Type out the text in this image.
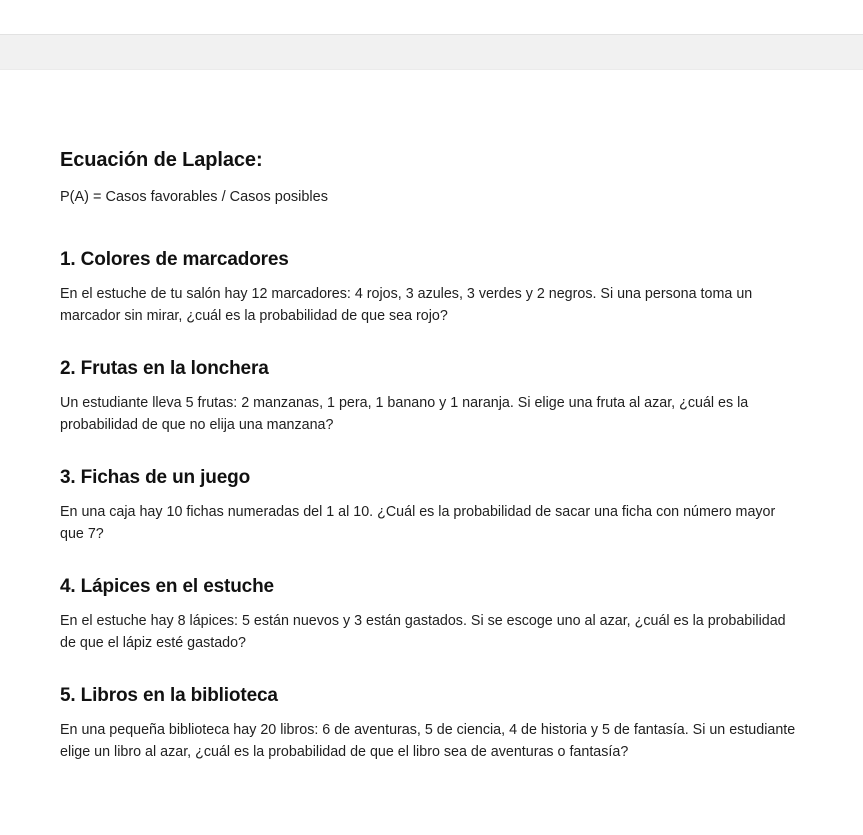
Ecuación de Laplace:

P(A) = Casos favorables / Casos posibles

1. Colores de marcadores

En el estuche de tu salón hay 12 marcadores: 4 rojos, 3 azules, 3 verdes y 2 negros. Si una persona toma un marcador sin mirar, ¿cuál es la probabilidad de que sea rojo?

2. Frutas en la lonchera

Un estudiante lleva 5 frutas: 2 manzanas, 1 pera, 1 banano y 1 naranja. Si elige una fruta al azar, ¿cuál es la probabilidad de que no elija una manzana?

3. Fichas de un juego

En una caja hay 10 fichas numeradas del 1 al 10. ¿Cuál es la probabilidad de sacar una ficha con número mayor que 7?

4. Lápices en el estuche

En el estuche hay 8 lápices: 5 están nuevos y 3 están gastados. Si se escoge uno al azar, ¿cuál es la probabilidad de que el lápiz esté gastado?

5. Libros en la biblioteca

En una pequeña biblioteca hay 20 libros: 6 de aventuras, 5 de ciencia, 4 de historia y 5 de fantasía. Si un estudiante elige un libro al azar, ¿cuál es la probabilidad de que el libro sea de aventuras o fantasía?
